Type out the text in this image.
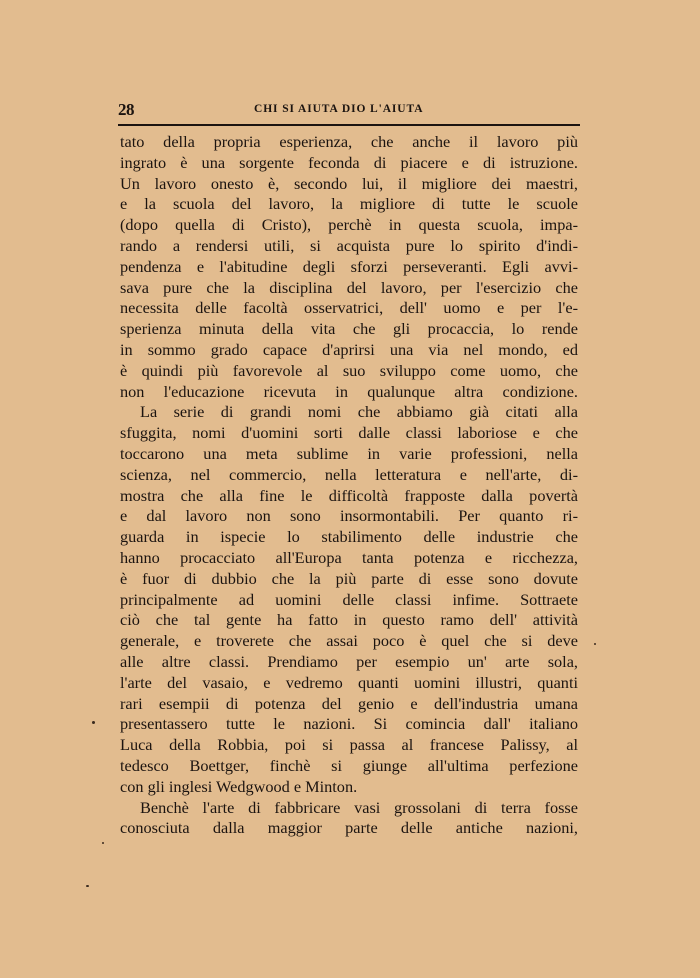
28	CHI SI AIUTA DIO L'AIUTA
tato della propria esperienza, che anche il lavoro più
ingrato è una sorgente feconda di piacere e di istruzione.
Un lavoro onesto è, secondo lui, il migliore dei maestri,
e la scuola del lavoro, la migliore di tutte le scuole
(dopo quella di Cristo), perchè in questa scuola, impa-
rando a rendersi utili, si acquista pure lo spirito d'indi-
pendenza e l'abitudine degli sforzi perseveranti. Egli avvi-
sava pure che la disciplina del lavoro, per l'esercizio che
necessita delle facoltà osservatrici, dell' uomo e per l'e-
sperienza minuta della vita che gli procaccia, lo rende
in sommo grado capace d'aprirsi una via nel mondo, ed
è quindi più favorevole al suo sviluppo come uomo, che
non l'educazione ricevuta in qualunque altra condizione.
La serie di grandi nomi che abbiamo già citati alla
sfuggita, nomi d'uomini sorti dalle classi laboriose e che
toccarono una meta sublime in varie professioni, nella
scienza, nel commercio, nella letteratura e nell'arte, di-
mostra che alla fine le difficoltà frapposte dalla povertà
e dal lavoro non sono insormontabili. Per quanto ri-
guarda in ispecie lo stabilimento delle industrie che
hanno procacciato all'Europa tanta potenza e ricchezza,
è fuor di dubbio che la più parte di esse sono dovute
principalmente ad uomini delle classi infime. Sottraete
ciò che tal gente ha fatto in questo ramo dell' attività
generale, e troverete che assai poco è quel che si deve
alle altre classi. Prendiamo per esempio un' arte sola,
l'arte del vasaio, e vedremo quanti uomini illustri, quanti
rari esempii di potenza del genio e dell'industria umana
presentassero tutte le nazioni. Si comincia dall' italiano
Luca della Robbia, poi si passa al francese Palissy, al
tedesco Boettger, finchè si giunge all'ultima perfezione
con gli inglesi Wedgwood e Minton.
Benchè l'arte di fabbricare vasi grossolani di terra fosse
conosciuta dalla maggior parte delle antiche nazioni,
